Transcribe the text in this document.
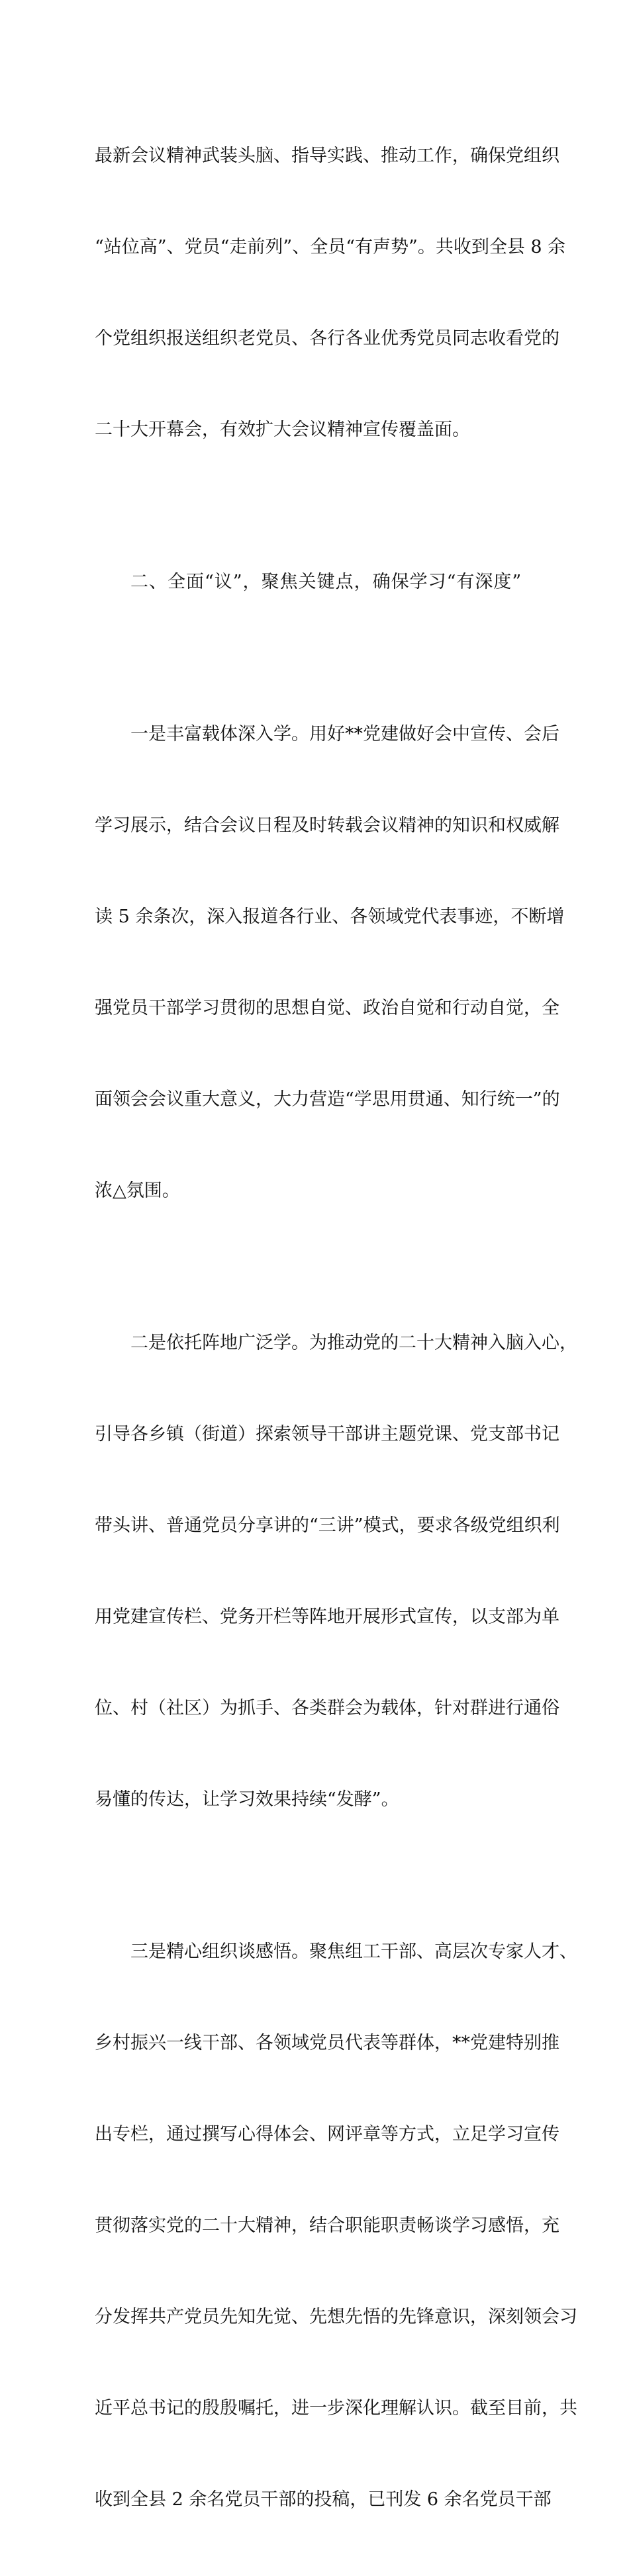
最新会议精神武装头脑、指导实践、推动工作，确保党组织

“站位高”、党员“走前列”、全员“有声势”。共收到全县 8 余

个党组织报送组织老党员、各行各业优秀党员同志收看党的

二十大开幕会，有效扩大会议精神宣传覆盖面。

二、全面“议”，聚焦关键点，确保学习“有深度”

　　一是丰富载体深入学。用好**党建做好会中宣传、会后

学习展示，结合会议日程及时转载会议精神的知识和权威解

读 5 余条次，深入报道各行业、各领域党代表事迹，不断增

强党员干部学习贯彻的思想自觉、政治自觉和行动自觉，全

面领会会议重大意义，大力营造“学思用贯通、知行统一”的

浓△氛围。

　　二是依托阵地广泛学。为推动党的二十大精神入脑入心，

引导各乡镇（街道）探索领导干部讲主题党课、党支部书记

带头讲、普通党员分享讲的“三讲”模式，要求各级党组织利

用党建宣传栏、党务开栏等阵地开展形式宣传，以支部为单

位、村（社区）为抓手、各类群会为载体，针对群进行通俗

易懂的传达，让学习效果持续“发酵”。

　　三是精心组织谈感悟。聚焦组工干部、高层次专家人才、

乡村振兴一线干部、各领域党员代表等群体，**党建特别推

出专栏，通过撰写心得体会、网评章等方式，立足学习宣传

贯彻落实党的二十大精神，结合职能职责畅谈学习感悟，充

分发挥共产党员先知先觉、先想先悟的先锋意识，深刻领会习

近平总书记的殷殷嘱托，进一步深化理解认识。截至目前，共

收到全县 2 余名党员干部的投稿，已刊发 6 余名党员干部
